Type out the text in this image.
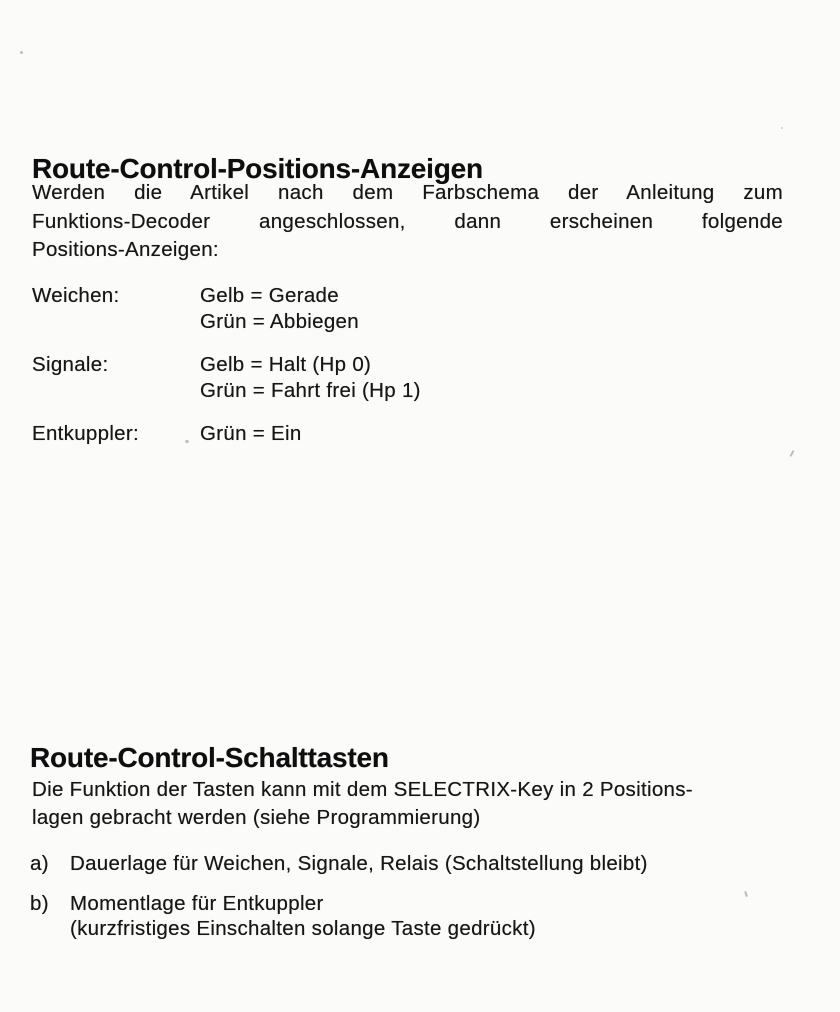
Route-Control-Positions-Anzeigen
Werden die Artikel nach dem Farbschema der Anleitung zum
Funktions-Decoder angeschlossen, dann erscheinen folgende
Positions-Anzeigen:
Weichen:	Gelb = Gerade
Grün = Abbiegen
Signale:	Gelb = Halt (Hp 0)
Grün = Fahrt frei (Hp 1)
Entkuppler:	Grün = Ein
Route-Control-Schalttasten
Die Funktion der Tasten kann mit dem SELECTRIX-Key in 2 Positions-
lagen gebracht werden (siehe Programmierung)
a)	Dauerlage für Weichen, Signale, Relais (Schaltstellung bleibt)
b)	Momentlage für Entkuppler
(kurzfristiges Einschalten solange Taste gedrückt)
